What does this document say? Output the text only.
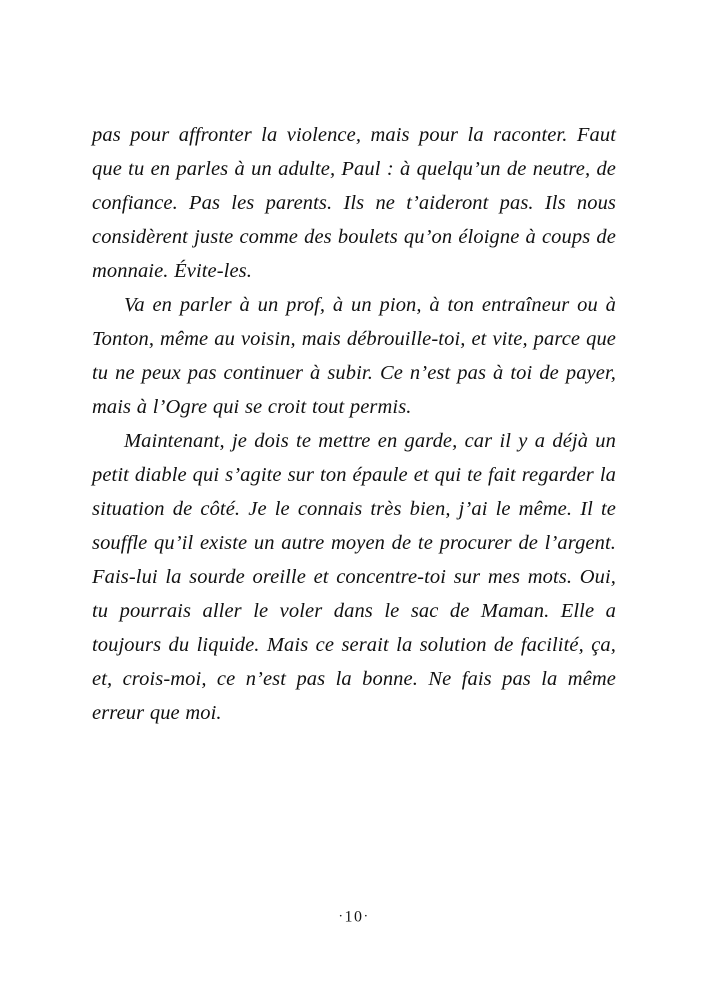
pas pour affronter la violence, mais pour la raconter. Faut que tu en parles à un adulte, Paul : à quelqu’un de neutre, de confiance. Pas les parents. Ils ne t’aideront pas. Ils nous considèrent juste comme des boulets qu’on éloigne à coups de monnaie. Évite-les.

Va en parler à un prof, à un pion, à ton entraîneur ou à Tonton, même au voisin, mais débrouille-toi, et vite, parce que tu ne peux pas continuer à subir. Ce n’est pas à toi de payer, mais à l’Ogre qui se croit tout permis.

Maintenant, je dois te mettre en garde, car il y a déjà un petit diable qui s’agite sur ton épaule et qui te fait regarder la situation de côté. Je le connais très bien, j’ai le même. Il te souffle qu’il existe un autre moyen de te procurer de l’argent. Fais-lui la sourde oreille et concentre-toi sur mes mots. Oui, tu pourrais aller le voler dans le sac de Maman. Elle a toujours du liquide. Mais ce serait la solution de facilité, ça, et, crois-moi, ce n’est pas la bonne. Ne fais pas la même erreur que moi.

·10·
